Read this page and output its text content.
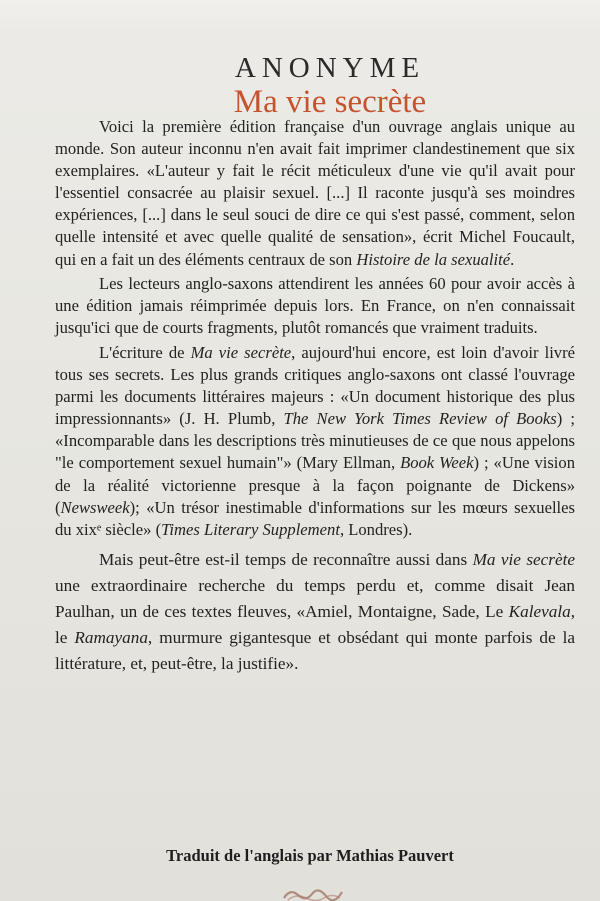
ANONYME
Ma vie secrète

Voici la première édition française d'un ouvrage anglais unique au monde. Son auteur inconnu n'en avait fait imprimer clandestinement que six exemplaires. «L'auteur y fait le récit méticuleux d'une vie qu'il avait pour l'essentiel consacrée au plaisir sexuel. [...] Il raconte jusqu'à ses moindres expériences, [...] dans le seul souci de dire ce qui s'est passé, comment, selon quelle intensité et avec quelle qualité de sensation», écrit Michel Foucault, qui en a fait un des éléments centraux de son Histoire de la sexualité.

Les lecteurs anglo-saxons attendirent les années 60 pour avoir accès à une édition jamais réimprimée depuis lors. En France, on n'en connaissait jusqu'ici que de courts fragments, plutôt romancés que vraiment traduits.

L'écriture de Ma vie secrète, aujourd'hui encore, est loin d'avoir livré tous ses secrets. Les plus grands critiques anglo-saxons ont classé l'ouvrage parmi les documents littéraires majeurs : «Un document historique des plus impressionnants» (J. H. Plumb, The New York Times Review of Books) ; «Incomparable dans les descriptions très minutieuses de ce que nous appelons "le comportement sexuel humain"» (Mary Ellman, Book Week) ; «Une vision de la réalité victorienne presque à la façon poignante de Dickens» (Newsweek); «Un trésor inestimable d'informations sur les mœurs sexuelles du xixᵉ siècle» (Times Literary Supplement, Londres).

Mais peut-être est-il temps de reconnaître aussi dans Ma vie secrète une extraordinaire recherche du temps perdu et, comme disait Jean Paulhan, un de ces textes fleuves, «Amiel, Montaigne, Sade, Le Kalevala, le Ramayana, murmure gigantesque et obsédant qui monte parfois de la littérature, et, peut-être, la justifie».

Traduit de l'anglais par Mathias Pauvert
